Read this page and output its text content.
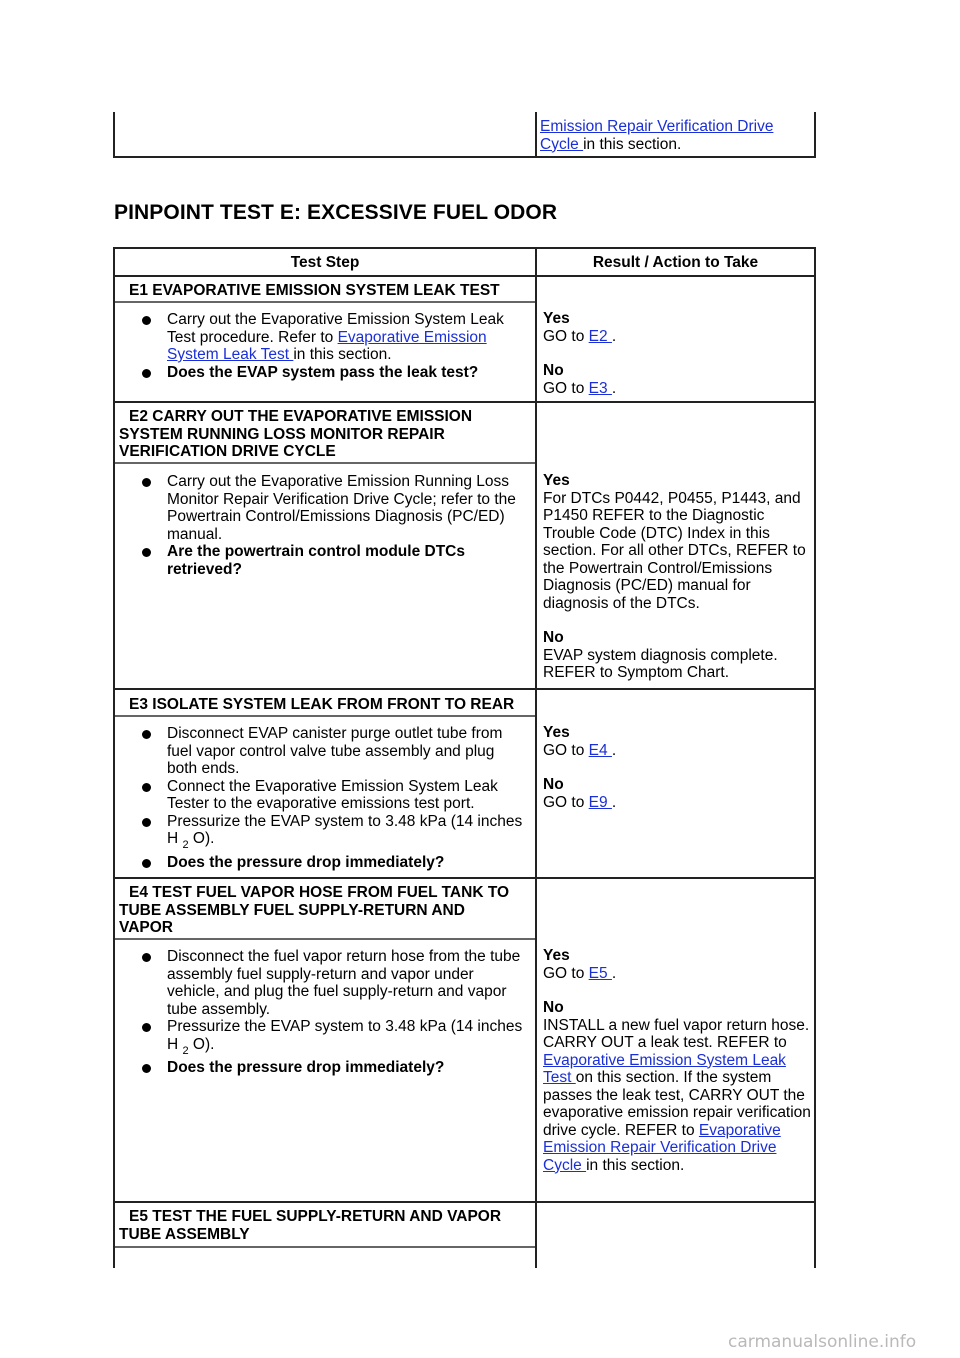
Emission Repair Verification Drive
Cycle in this section.
PINPOINT TEST E: EXCESSIVE FUEL ODOR
Test Step	Result / Action to Take
E1 EVAPORATIVE EMISSION SYSTEM LEAK TEST
Carry out the Evaporative Emission System Leak Test procedure. Refer to Evaporative Emission System Leak Test in this section.
Does the EVAP system pass the leak test?
Yes
GO to E2 .
No
GO to E3 .
E2 CARRY OUT THE EVAPORATIVE EMISSION
SYSTEM RUNNING LOSS MONITOR REPAIR
VERIFICATION DRIVE CYCLE
Carry out the Evaporative Emission Running Loss Monitor Repair Verification Drive Cycle; refer to the Powertrain Control/Emissions Diagnosis (PC/ED) manual.
Are the powertrain control module DTCs retrieved?
Yes
For DTCs P0442, P0455, P1443, and P1450 REFER to the Diagnostic Trouble Code (DTC) Index in this section. For all other DTCs, REFER to the Powertrain Control/Emissions Diagnosis (PC/ED) manual for diagnosis of the DTCs.
No
EVAP system diagnosis complete. REFER to Symptom Chart.
E3 ISOLATE SYSTEM LEAK FROM FRONT TO REAR
Disconnect EVAP canister purge outlet tube from fuel vapor control valve tube assembly and plug both ends.
Connect the Evaporative Emission System Leak Tester to the evaporative emissions test port.
Pressurize the EVAP system to 3.48 kPa (14 inches H $_2$ O).
Does the pressure drop immediately?
Yes
GO to E4 .
No
GO to E9 .
E4 TEST FUEL VAPOR HOSE FROM FUEL TANK TO
TUBE ASSEMBLY FUEL SUPPLY-RETURN AND
VAPOR
Disconnect the fuel vapor return hose from the tube assembly fuel supply-return and vapor under vehicle, and plug the fuel supply-return and vapor tube assembly.
Pressurize the EVAP system to 3.48 kPa (14 inches H $_2$ O).
Does the pressure drop immediately?
Yes
GO to E5 .
No
INSTALL a new fuel vapor return hose. CARRY OUT a leak test. REFER to Evaporative Emission System Leak Test on this section. If the system passes the leak test, CARRY OUT the evaporative emission repair verification drive cycle. REFER to Evaporative Emission Repair Verification Drive Cycle in this section.
E5 TEST THE FUEL SUPPLY-RETURN AND VAPOR
TUBE ASSEMBLY
carmanualsonline.info
